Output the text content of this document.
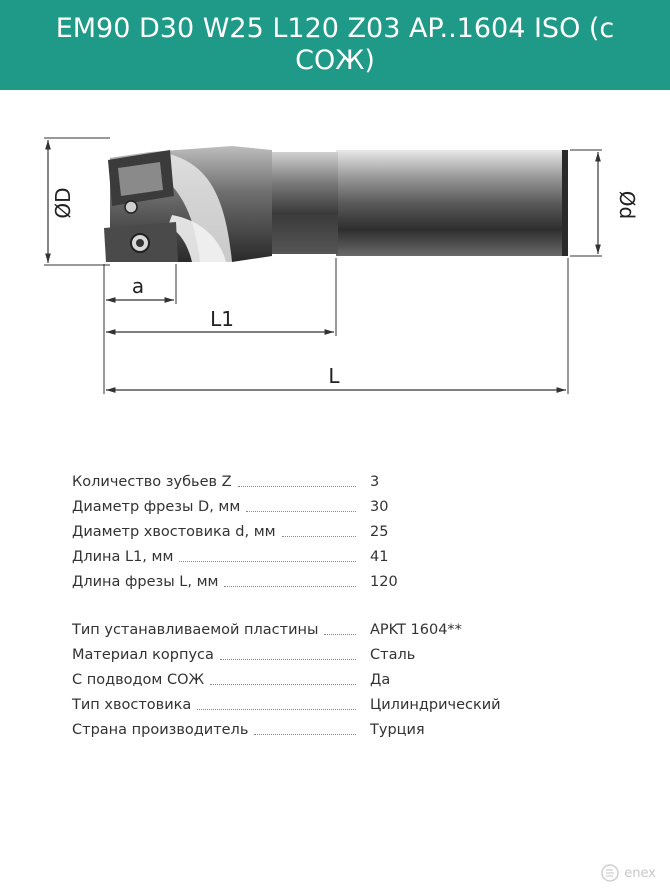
EM90 D30 W25 L120 Z03 AP..1604 ISO (с СОЖ)
ØD	Ød
a
L1
L
Количество зубьев Z	3
Диаметр фрезы D, мм	30
Диаметр хвостовика d, мм	25
Длина L1, мм	41
Длина фрезы L, мм	120
Тип устанавливаемой пластины	APKT 1604**
Материал корпуса	Сталь
С подводом СОЖ	Да
Тип хвостовика	Цилиндрический
Страна производитель	Турция
enex
